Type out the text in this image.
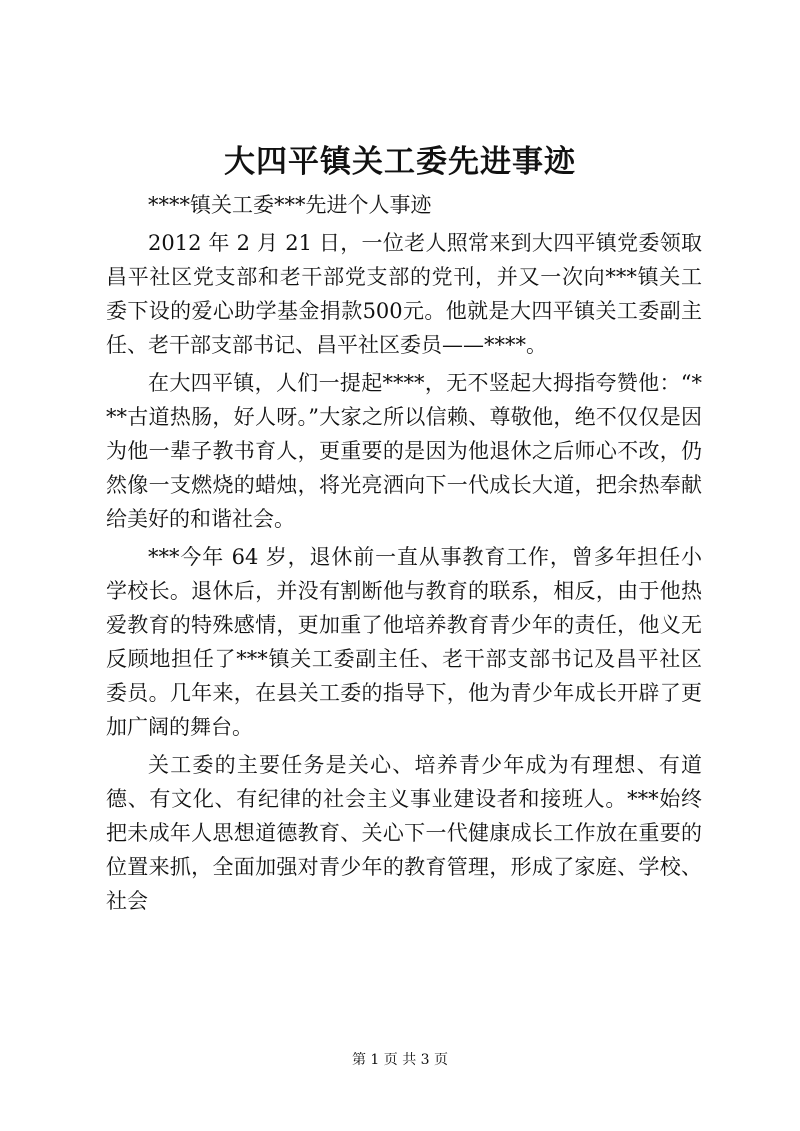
大四平镇关工委先进事迹

****镇关工委***先进个人事迹

2012 年 2 月 21 日，一位老人照常来到大四平镇党委领取昌平社区党支部和老干部党支部的党刊，并又一次向***镇关工委下设的爱心助学基金捐款500元。他就是大四平镇关工委副主任、老干部支部书记、昌平社区委员——****。

在大四平镇，人们一提起****，无不竖起大拇指夸赞他：“***古道热肠，好人呀。”大家之所以信赖、尊敬他，绝不仅仅是因为他一辈子教书育人，更重要的是因为他退休之后师心不改，仍然像一支燃烧的蜡烛，将光亮洒向下一代成长大道，把余热奉献给美好的和谐社会。

***今年 64 岁，退休前一直从事教育工作，曾多年担任小学校长。退休后，并没有割断他与教育的联系，相反，由于他热爱教育的特殊感情，更加重了他培养教育青少年的责任，他义无反顾地担任了***镇关工委副主任、老干部支部书记及昌平社区委员。几年来，在县关工委的指导下，他为青少年成长开辟了更加广阔的舞台。

关工委的主要任务是关心、培养青少年成为有理想、有道德、有文化、有纪律的社会主义事业建设者和接班人。***始终把未成年人思想道德教育、关心下一代健康成长工作放在重要的位置来抓，全面加强对青少年的教育管理，形成了家庭、学校、社会

第 1 页 共 3 页
